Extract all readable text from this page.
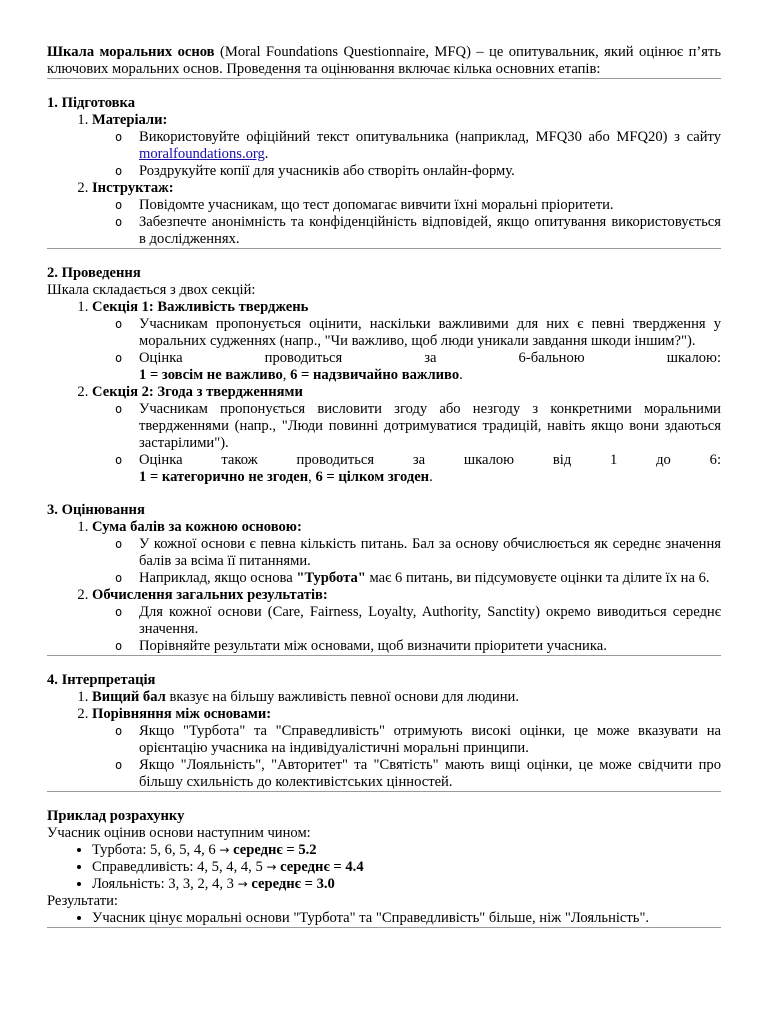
Шкала моральних основ (Moral Foundations Questionnaire, MFQ) – це опитувальник, який оцінює п’ять ключових моральних основ. Проведення та оцінювання включає кілька основних етапів:

1. Підготовка

1. Матеріали:
o Використовуйте офіційний текст опитувальника (наприклад, MFQ30 або MFQ20) з сайту moralfoundations.org.
o Роздрукуйте копії для учасників або створіть онлайн-форму.
2. Інструктаж:
o Повідомте учасникам, що тест допомагає вивчити їхні моральні пріоритети.
o Забезпечте анонімність та конфіденційність відповідей, якщо опитування використовується в дослідженнях.

2. Проведення

Шкала складається з двох секцій:

1. Секція 1: Важливість тверджень
o Учасникам пропонується оцінити, наскільки важливими для них є певні твердження у моральних судженнях (напр., "Чи важливо, щоб люди уникали завдання шкоди іншим?").
o Оцінка проводиться за 6-бальною шкалою:
1 = зовсім не важливо, 6 = надзвичайно важливо.
2. Секція 2: Згода з твердженнями
o Учасникам пропонується висловити згоду або незгоду з конкретними моральними твердженнями (напр., "Люди повинні дотримуватися традицій, навіть якщо вони здаються застарілими").
o Оцінка також проводиться за шкалою від 1 до 6:
1 = категорично не згоден, 6 = цілком згоден.

3. Оцінювання

1. Сума балів за кожною основою:
o У кожної основи є певна кількість питань. Бал за основу обчислюється як середнє значення балів за всіма її питаннями.
o Наприклад, якщо основа "Турбота" має 6 питань, ви підсумовуєте оцінки та ділите їх на 6.
2. Обчислення загальних результатів:
o Для кожної основи (Care, Fairness, Loyalty, Authority, Sanctity) окремо виводиться середнє значення.
o Порівняйте результати між основами, щоб визначити пріоритети учасника.

4. Інтерпретація

1. Вищий бал вказує на більшу важливість певної основи для людини.
2. Порівняння між основами:
o Якщо "Турбота" та "Справедливість" отримують високі оцінки, це може вказувати на орієнтацію учасника на індивідуалістичні моральні принципи.
o Якщо "Лояльність", "Авторитет" та "Святість" мають вищі оцінки, це може свідчити про більшу схильність до колективістських цінностей.

Приклад розрахунку

Учасник оцінив основи наступним чином:

• Турбота: 5, 6, 5, 4, 6 → середнє = 5.2
• Справедливість: 4, 5, 4, 4, 5 → середнє = 4.4
• Лояльність: 3, 3, 2, 4, 3 → середнє = 3.0

Результати:

• Учасник цінує моральні основи "Турбота" та "Справедливість" більше, ніж "Лояльність".
